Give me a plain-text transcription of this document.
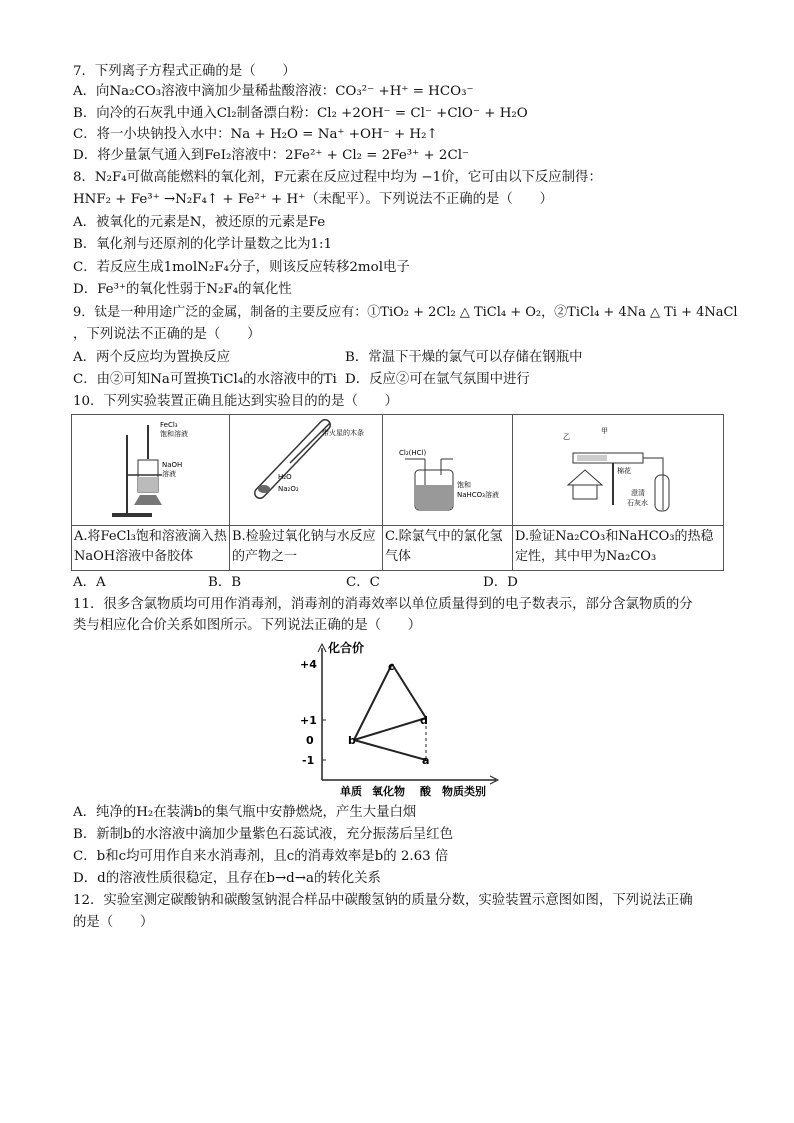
7．下列离子方程式正确的是（　　）
A．向Na₂CO₃溶液中滴加少量稀盐酸溶液：CO₃²⁻ +H⁺ = HCO₃⁻
B．向冷的石灰乳中通入Cl₂制备漂白粉：Cl₂ +2OH⁻ = Cl⁻ +ClO⁻ + H₂O
C．将一小块钠投入水中：Na + H₂O = Na⁺ +OH⁻ + H₂↑
D．将少量氯气通入到FeI₂溶液中：2Fe²⁺ + Cl₂ = 2Fe³⁺ + 2Cl⁻
8．N₂F₄可做高能燃料的氧化剂，F元素在反应过程中均为 −1价，它可由以下反应制得：
HNF₂ + Fe³⁺ →N₂F₄↑ + Fe²⁺ + H⁺（未配平）。下列说法不正确的是（　　）
A．被氧化的元素是N，被还原的元素是Fe
B．氧化剂与还原剂的化学计量数之比为1:1
C．若反应生成1molN₂F₄分子，则该反应转移2mol电子
D．Fe³⁺的氧化性弱于N₂F₄的氧化性
9．钛是一种用途广泛的金属，制备的主要反应有：①TiO₂ + 2Cl₂ △ TiCl₄ + O₂，②TiCl₄ + 4Na △ Ti + 4NaCl
，下列说法不正确的是（　　）
A．两个反应均为置换反应	B．常温下干燥的氯气可以存储在钢瓶中
C．由②可知Na可置换TiCl₄的水溶液中的Ti D．反应②可在氩气氛围中进行
10．下列实验装置正确且能达到实验目的的是（　　）
FeCl₃
饱和溶液
NaOH
溶液	带火星的木条
H₂O
Na₂O₂	Cl₂(HCl)
饱和
NaHCO₃溶液	乙
甲
棉花
澄清
石灰水

A.将FeCl₃饱和溶液滴入热NaOH溶液中备胶体	B.检验过氧化钠与水反应的产物之一	C.除氯气中的氯化氢气体	D.验证Na₂CO₃和NaHCO₃的热稳定性，其中甲为Na₂CO₃
A．A	B．B	C．C	D．D
11．很多含氯物质均可用作消毒剂，消毒剂的消毒效率以单位质量得到的电子数表示，部分含氯物质的分
类与相应化合价关系如图所示。下列说法正确的是（　　）
化合价
+4
+1
0
-1
b
c
d
a
单质 氧化物 酸 物质类别
A．纯净的H₂在装满b的集气瓶中安静燃烧，产生大量白烟
B．新制b的水溶液中滴加少量紫色石蕊试液，充分振荡后呈红色
C．b和c均可用作自来水消毒剂，且c的消毒效率是b的 2.63 倍
D．d的溶液性质很稳定，且存在b→d→a的转化关系
12．实验室测定碳酸钠和碳酸氢钠混合样品中碳酸氢钠的质量分数，实验装置示意图如图，下列说法正确
的是（　　）
